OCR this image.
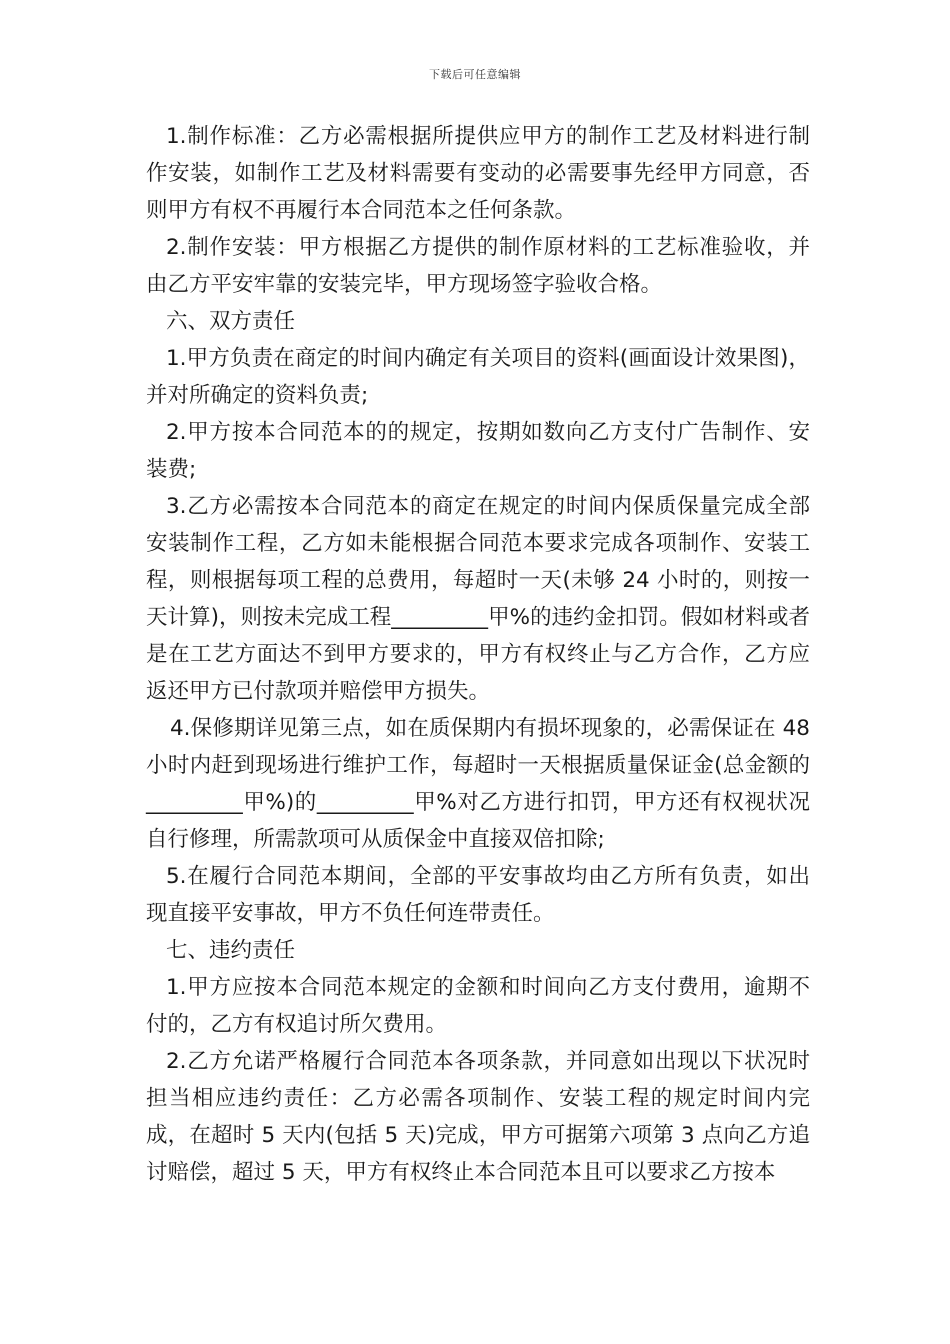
下载后可任意编辑

1.制作标准：乙方必需根据所提供应甲方的制作工艺及材料进行制作安装，如制作工艺及材料需要有变动的必需要事先经甲方同意，否则甲方有权不再履行本合同范本之任何条款。

2.制作安装：甲方根据乙方提供的制作原材料的工艺标准验收，并由乙方平安牢靠的安装完毕，甲方现场签字验收合格。

六、双方责任

1.甲方负责在商定的时间内确定有关项目的资料(画面设计效果图)，并对所确定的资料负责;

2.甲方按本合同范本的的规定，按期如数向乙方支付广告制作、安装费;

3.乙方必需按本合同范本的商定在规定的时间内保质保量完成全部安装制作工程，乙方如未能根据合同范本要求完成各项制作、安装工程，则根据每项工程的总费用，每超时一天(未够 24 小时的，则按一天计算)，则按未完成工程_________甲%的违约金扣罚。假如材料或者是在工艺方面达不到甲方要求的，甲方有权终止与乙方合作，乙方应返还甲方已付款项并赔偿甲方损失。

4.保修期详见第三点，如在质保期内有损坏现象的，必需保证在 48 小时内赶到现场进行维护工作，每超时一天根据质量保证金(总金额的_________甲%)的_________甲%对乙方进行扣罚，甲方还有权视状况自行修理，所需款项可从质保金中直接双倍扣除;

5.在履行合同范本期间，全部的平安事故均由乙方所有负责，如出现直接平安事故，甲方不负任何连带责任。

七、违约责任

1.甲方应按本合同范本规定的金额和时间向乙方支付费用，逾期不付的，乙方有权追讨所欠费用。

2.乙方允诺严格履行合同范本各项条款，并同意如出现以下状况时担当相应违约责任：乙方必需各项制作、安装工程的规定时间内完成，在超时 5 天内(包括 5 天)完成，甲方可据第六项第 3 点向乙方追讨赔偿，超过 5 天，甲方有权终止本合同范本且可以要求乙方按本
